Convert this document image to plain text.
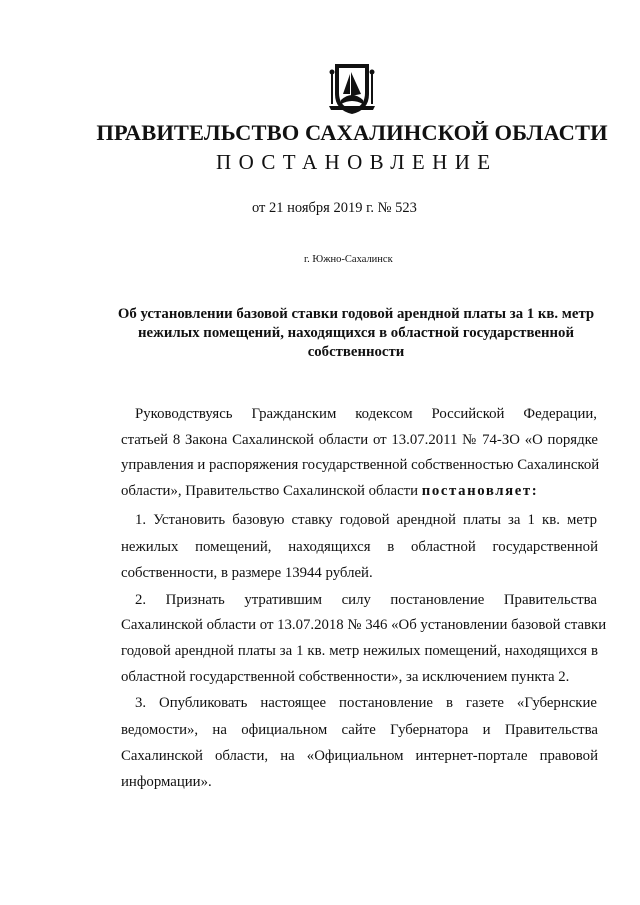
ПРАВИТЕЛЬСТВО САХАЛИНСКОЙ ОБЛАСТИ
ПОСТАНОВЛЕНИЕ
от 21 ноября 2019 г. № 523
г. Южно-Сахалинск
Об установлении базовой ставки годовой арендной платы за 1 кв. метр
нежилых помещений, находящихся в областной государственной
собственности
Руководствуясь Гражданским кодексом Российской Федерации,
статьей 8 Закона Сахалинской области от 13.07.2011 № 74-ЗО «О порядке
управления и распоряжения государственной собственностью Сахалинской
области», Правительство Сахалинской области постановляет:
1. Установить базовую ставку годовой арендной платы за 1 кв. метр
нежилых помещений, находящихся в областной государственной
собственности, в размере 13944 рублей.
2. Признать утратившим силу постановление Правительства
Сахалинской области от 13.07.2018 № 346 «Об установлении базовой ставки
годовой арендной платы за 1 кв. метр нежилых помещений, находящихся в
областной государственной собственности», за исключением пункта 2.
3. Опубликовать настоящее постановление в газете «Губернские
ведомости», на официальном сайте Губернатора и Правительства
Сахалинской области, на «Официальном интернет-портале правовой
информации».
